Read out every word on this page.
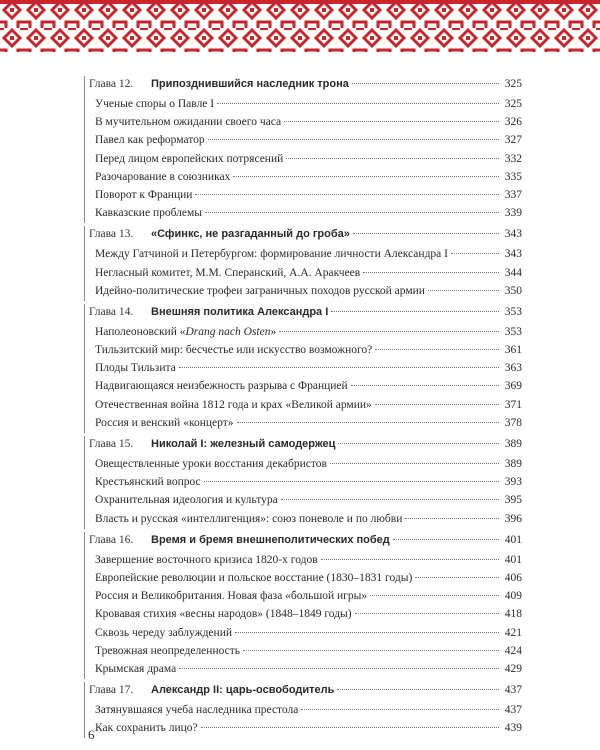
Глава 12.	Припозднившийся наследник трона	325
Ученые споры о Павле I	325
В мучительном ожидании своего часа	326
Павел как реформатор	327
Перед лицом европейских потрясений	332
Разочарование в союзниках	335
Поворот к Франции	337
Кавказские проблемы	339
Глава 13.	«Сфинкс, не разгаданный до гроба»	343
Между Гатчиной и Петербургом: формирование личности Александра I	343
Негласный комитет, М.М. Сперанский, А.А. Аракчеев	344
Идейно-политические трофеи заграничных походов русской армии	350
Глава 14.	Внешняя политика Александра I	353
Наполеоновский «Drang nach Osten»	353
Тильзитский мир: бесчестье или искусство возможного?	361
Плоды Тильзита	363
Надвигающаяся неизбежность разрыва с Францией	369
Отечественная война 1812 года и крах «Великой армии»	371
Россия и венский «концерт»	378
Глава 15.	Николай I: железный самодержец	389
Овеществленные уроки восстания декабристов	389
Крестьянский вопрос	393
Охранительная идеология и культура	395
Власть и русская «интеллигенция»: союз поневоле и по любви	396
Глава 16.	Время и бремя внешнеполитических побед	401
Завершение восточного кризиса 1820-х годов	401
Европейские революции и польское восстание (1830–1831 годы)	406
Россия и Великобритания. Новая фаза «большой игры»	409
Кровавая стихия «весны народов» (1848–1849 годы)	418
Сквозь череду заблуждений	421
Тревожная неопределенность	424
Крымская драма	429
Глава 17.	Александр II: царь-освободитель	437
Затянувшаяся учеба наследника престола	437
Как сохранить лицо?	439
6
